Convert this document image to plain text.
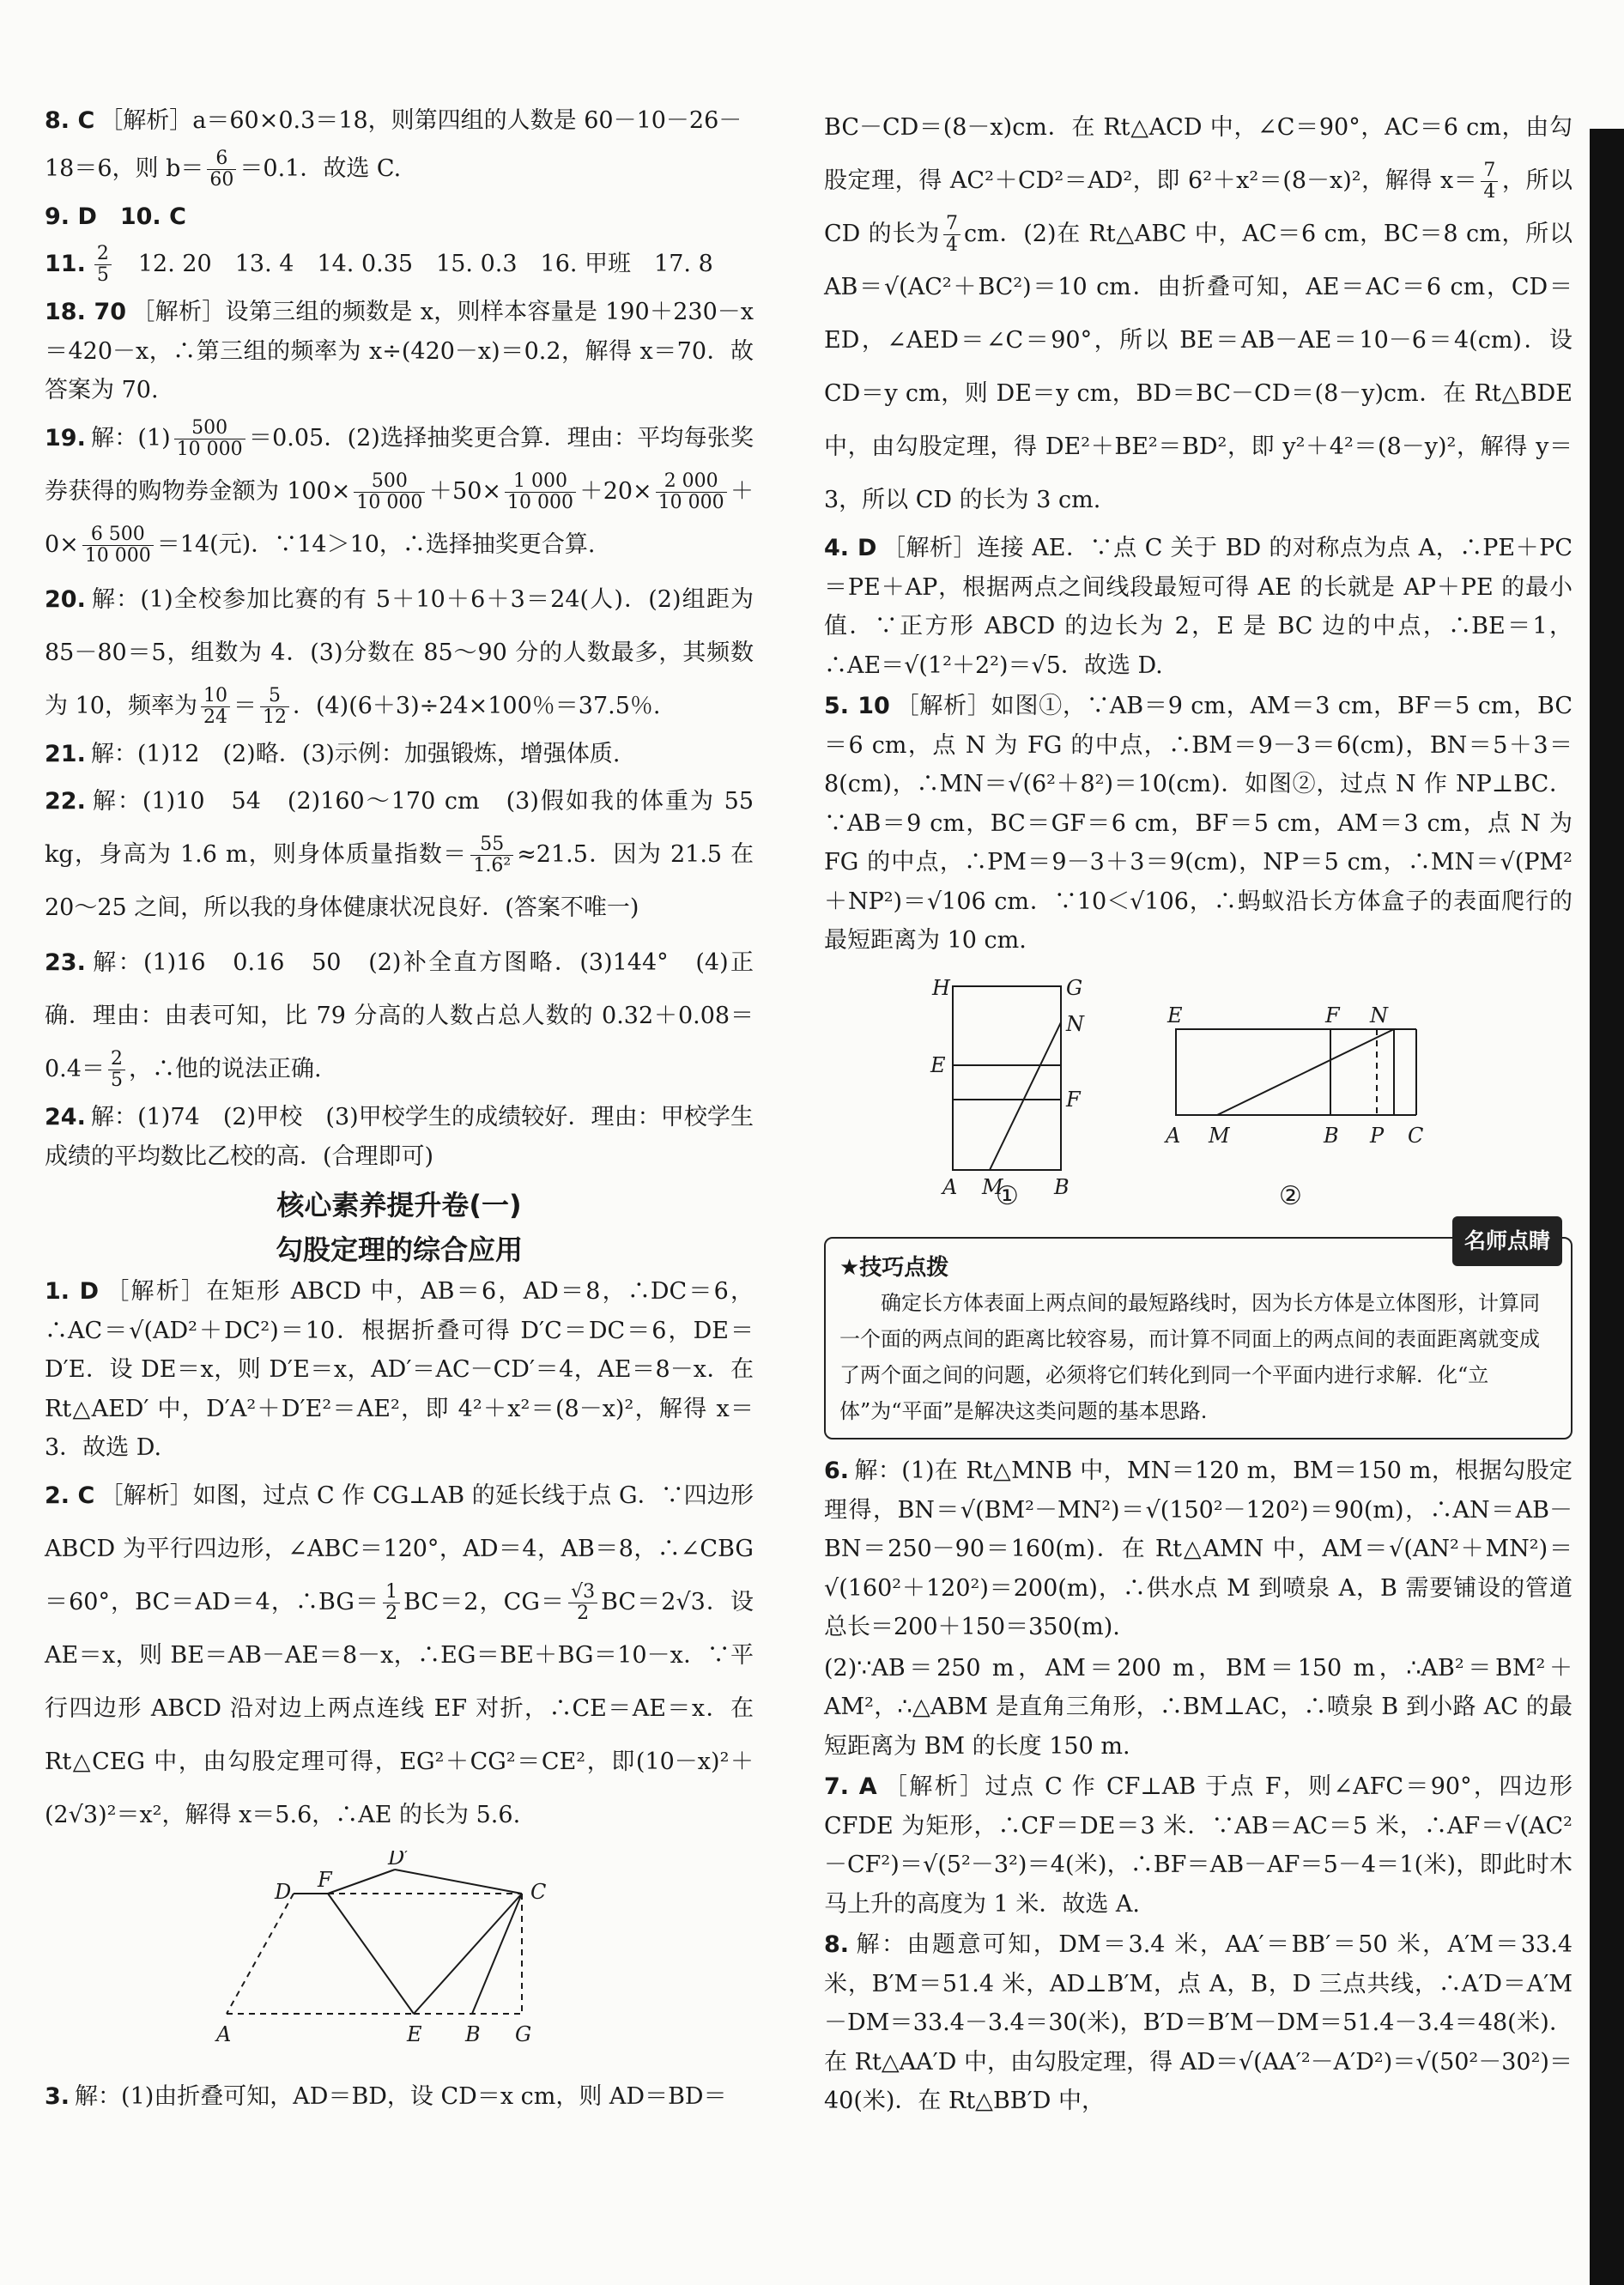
8. C ［解析］a＝60×0.3＝18，则第四组的人数是 60－10－26－

18＝6，则 $b= \frac{6}{60} =0.1$．故选 C.

9. D　10. C

11. $\frac{2}{5}$ 　12. 20　13. 4　14. 0.35　15. 0.3　16. 甲班　17. 8

18. 70 ［解析］设第三组的频数是 x，则样本容量是 190＋230－x＝420－x，∴第三组的频率为 x÷(420－x)＝0.2，解得 x＝70．故答案为 70.

19. 解：$(1) \frac{500}{10 000} =0.05$．(2)选择抽奖更合算．理由：平均每张奖券获得的购物券金额为 $100\times \frac{500}{10 000} +50\times \frac{1 000}{10 000} +20\times \frac{2 000}{10 000} +0\times \frac{6 500}{10 000} =14$(元)．∵14＞10，∴选择抽奖更合算.

20. 解：(1)全校参加比赛的有 5＋10＋6＋3＝24(人)．(2)组距为 85－80＝5，组数为 4．(3)分数在 85～90 分的人数最多，其频数为 10，频率为 $\frac{10}{24} = \frac{5}{12}$ ．(4)(6＋3)÷24×100％＝37.5％.

21. 解：(1)12　(2)略．(3)示例：加强锻炼，增强体质.

22. 解：(1)10　54　(2)160～170 cm　(3)假如我的体重为 55 kg，身高为 1.6 m，则身体质量指数＝ $\frac{55}{\text{1.6²}} \approx 21.5$．因为 21.5 在 20～25 之间，所以我的身体健康状况良好．(答案不唯一)

23. 解：(1)16　0.16　50　(2)补全直方图略．(3)144°　(4)正确．理由：由表可知，比 79 分高的人数占总人数的 $0.32+0.08=0.4= \frac{2}{5}$ ，∴他的说法正确.

24. 解：(1)74　(2)甲校　(3)甲校学生的成绩较好．理由：甲校学生成绩的平均数比乙校的高．(合理即可)

核心素养提升卷(一)
勾股定理的综合应用

1. D ［解析］在矩形 ABCD 中，AB＝6，AD＝8，∴DC＝6，∴AC＝√(AD²＋DC²)＝10．根据折叠可得 D′C＝DC＝6，DE＝D′E．设 DE＝x，则 D′E＝x，AD′＝AC－CD′＝4，AE＝8－x．在 Rt△AED′ 中，D′A²＋D′E²＝AE²，即 4²＋x²＝(8－x)²，解得 x＝3．故选 D.

2. C ［解析］如图，过点 C 作 CG⊥AB 的延长线于点 G．∵四边形 ABCD 为平行四边形，∠ABC＝120°，AD＝4，AB＝8，∴∠CBG＝60°，BC＝AD＝4，∴BG＝ $\frac{1}{2} BC=2$，$CG= \frac{√3}{2} BC=2√3$．设 AE＝x，则 BE＝AB－AE＝8－x，∴EG＝BE＋BG＝10－x．∵平行四边形 ABCD 沿对边上两点连线 EF 对折，∴CE＝AE＝x．在 Rt△CEG 中，由勾股定理可得，EG²＋CG²＝CE²，即(10－x)²＋(2√3)²＝x²，解得 x＝5.6，∴AE 的长为 5.6.

D F
D′
C
A	E B G

3. 解：(1)由折叠可知，AD＝BD，设 CD＝x cm，则 AD＝BD＝

BC－CD＝(8－x)cm．在 Rt△ACD 中，∠C＝90°，AC＝6 cm，由勾股定理，得 AC²＋CD²＝AD²，即 6²＋x²＝(8－x)²，解得 $x= \frac{7}{4}$ ，所以 CD 的长为 $\frac{7}{4}$ cm．(2)在 Rt△ABC 中，AC＝6 cm，BC＝8 cm，所以 AB＝√(AC²＋BC²)＝10 cm．由折叠可知，AE＝AC＝6 cm，CD＝ED，∠AED＝∠C＝90°，所以 BE＝AB－AE＝10－6＝4(cm)．设 CD＝y cm，则 DE＝y cm，BD＝BC－CD＝(8－y)cm．在 Rt△BDE 中，由勾股定理，得 DE²＋BE²＝BD²，即 y²＋4²＝(8－y)²，解得 y＝3，所以 CD 的长为 3 cm.

4. D ［解析］连接 AE．∵点 C 关于 BD 的对称点为点 A，∴PE＋PC＝PE＋AP，根据两点之间线段最短可得 AE 的长就是 AP＋PE 的最小值．∵正方形 ABCD 的边长为 2，E 是 BC 边的中点，∴BE＝1，∴AE＝√(1²＋2²)＝√5．故选 D.

5. 10 ［解析］如图①，∵AB＝9 cm，AM＝3 cm，BF＝5 cm，BC＝6 cm，点 N 为 FG 的中点，∴BM＝9－3＝6(cm)，BN＝5＋3＝8(cm)，∴MN＝√(6²＋8²)＝10(cm)．如图②，过点 N 作 NP⊥BC．∵AB＝9 cm，BC＝GF＝6 cm，BF＝5 cm，AM＝3 cm，点 N 为 FG 的中点，∴PM＝9－3＋3＝9(cm)，NP＝5 cm，∴MN＝√(PM²＋NP²)＝√106 cm．∵10＜√106，∴蚂蚁沿长方体盒子的表面爬行的最短距离为 10 cm.

H	G
N
E
F
A M B
E	F N
A M	B P C
①	②
名师点睛
★技巧点拨
确定长方体表面上两点间的最短路线时，因为长方体是立体图形，计算同一个面的两点间的距离比较容易，而计算不同面上的两点间的表面距离就变成了两个面之间的问题，必须将它们转化到同一个平面内进行求解．化“立体”为“平面”是解决这类问题的基本思路.

6. 解：(1)在 Rt△MNB 中，MN＝120 m，BM＝150 m，根据勾股定理得，BN＝√(BM²－MN²)＝√(150²－120²)＝90(m)，∴AN＝AB－BN＝250－90＝160(m)．在 Rt△AMN 中，AM＝√(AN²＋MN²)＝√(160²＋120²)＝200(m)，∴供水点 M 到喷泉 A，B 需要铺设的管道总长＝200＋150＝350(m).

(2)∵AB＝250 m，AM＝200 m，BM＝150 m，∴AB²＝BM²＋AM²，∴△ABM 是直角三角形，∴BM⊥AC，∴喷泉 B 到小路 AC 的最短距离为 BM 的长度 150 m.

7. A ［解析］过点 C 作 CF⊥AB 于点 F，则∠AFC＝90°，四边形 CFDE 为矩形，∴CF＝DE＝3 米．∵AB＝AC＝5 米，∴AF＝√(AC²－CF²)＝√(5²－3²)＝4(米)，∴BF＝AB－AF＝5－4＝1(米)，即此时木马上升的高度为 1 米．故选 A.

8. 解：由题意可知，DM＝3.4 米，AA′＝BB′＝50 米，A′M＝33.4 米，B′M＝51.4 米，AD⊥B′M，点 A，B，D 三点共线，∴A′D＝A′M－DM＝33.4－3.4＝30(米)，B′D＝B′M－DM＝51.4－3.4＝48(米)．在 Rt△AA′D 中，由勾股定理，得 AD＝√(AA′²－A′D²)＝√(50²－30²)＝40(米)．在 Rt△BB′D 中，
